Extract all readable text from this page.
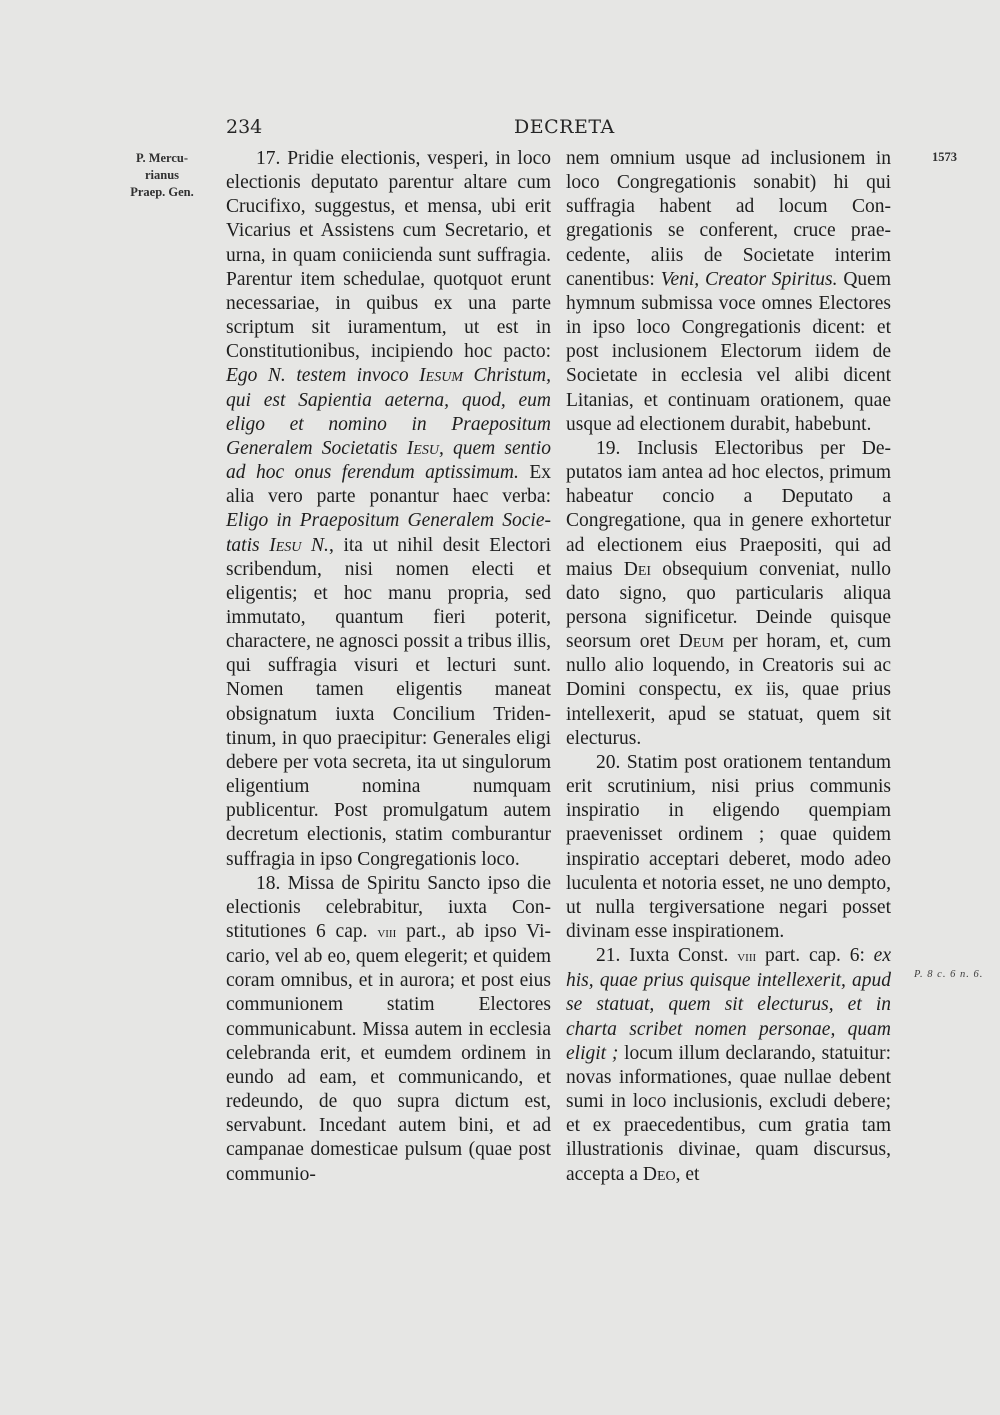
234	DECRETA
P. Mercu-
rianus
Praep. Gen.
1573
P. 8 c. 6 n. 6.

17. Pridie electionis, vesperi, in loco electionis deputato parentur altare cum Crucifixo, suggestus, et mensa, ubi erit Vicarius et Assistens cum Secretario, et urna, in quam coniicienda sunt suffragia. Parentur item schedulae, quotquot erunt necessariae, in quibus ex una parte scriptum sit iuramentum, ut est in Constitutionibus, incipiendo hoc pacto: Ego N. testem invoco Iesum Christum, qui est Sapientia aeterna, quod, eum eligo et nomino in Praepositum Generalem Societatis Iesu, quem sentio ad hoc onus ferendum aptissimum. Ex alia vero parte ponantur haec verba: Eligo in Praepositum Generalem Societatis Iesu N., ita ut nihil desit Electori scribendum, nisi nomen electi et eligentis; et hoc manu propria, sed immutato, quantum fieri poterit, charactere, ne agnosci possit a tribus illis, qui suffragia visuri et lecturi sunt. Nomen tamen eligentis maneat obsignatum iuxta Concilium Tridentinum, in quo praecipitur: Generales eligi debere per vota secreta, ita ut singulorum eligentium nomina numquam publicentur. Post promulgatum autem decretum electionis, statim comburantur suffragia in ipso Congregationis loco.

18. Missa de Spiritu Sancto ipso die electionis celebrabitur, iuxta Constitutiones 6 cap. viii part., ab ipso Vicario, vel ab eo, quem elegerit; et quidem coram omnibus, et in aurora; et post eius communionem statim Electores communicabunt. Missa autem in ecclesia celebranda erit, et eumdem ordinem in eundo ad eam, et communicando, et redeundo, de quo supra dictum est, servabunt. Incedant autem bini, et ad campanae domesticae pulsum (quae post communio-

nem omnium usque ad inclusionem in loco Congregationis sonabit) hi qui suffragia habent ad locum Congregationis se conferent, cruce praecedente, aliis de Societate interim canentibus: Veni, Creator Spiritus. Quem hymnum submissa voce omnes Electores in ipso loco Congregationis dicent: et post inclusionem Electorum iidem de Societate in ecclesia vel alibi dicent Litanias, et continuam orationem, quae usque ad electionem durabit, habebunt.

19. Inclusis Electoribus per Deputatos iam antea ad hoc electos, primum habeatur concio a Deputato a Congregatione, qua in genere exhortetur ad electionem eius Praepositi, qui ad maius Dei obsequium conveniat, nullo dato signo, quo particularis aliqua persona significetur. Deinde quisque seorsum oret Deum per horam, et, cum nullo alio loquendo, in Creatoris sui ac Domini conspectu, ex iis, quae prius intellexerit, apud se statuat, quem sit electurus.

20. Statim post orationem tentandum erit scrutinium, nisi prius communis inspiratio in eligendo quempiam praevenisset ordinem ; quae quidem inspiratio acceptari deberet, modo adeo luculenta et notoria esset, ne uno dempto, ut nulla tergiversatione negari posset divinam esse inspirationem.

21. Iuxta Const. viii part. cap. 6: ex his, quae prius quisque intellexerit, apud se statuat, quem sit electurus, et in charta scribet nomen personae, quam eligit ; locum illum declarando, statuitur: novas informationes, quae nullae debent sumi in loco inclusionis, excludi debere; et ex praecedentibus, cum gratia tam illustrationis divinae, quam discursus, accepta a Deo, et
